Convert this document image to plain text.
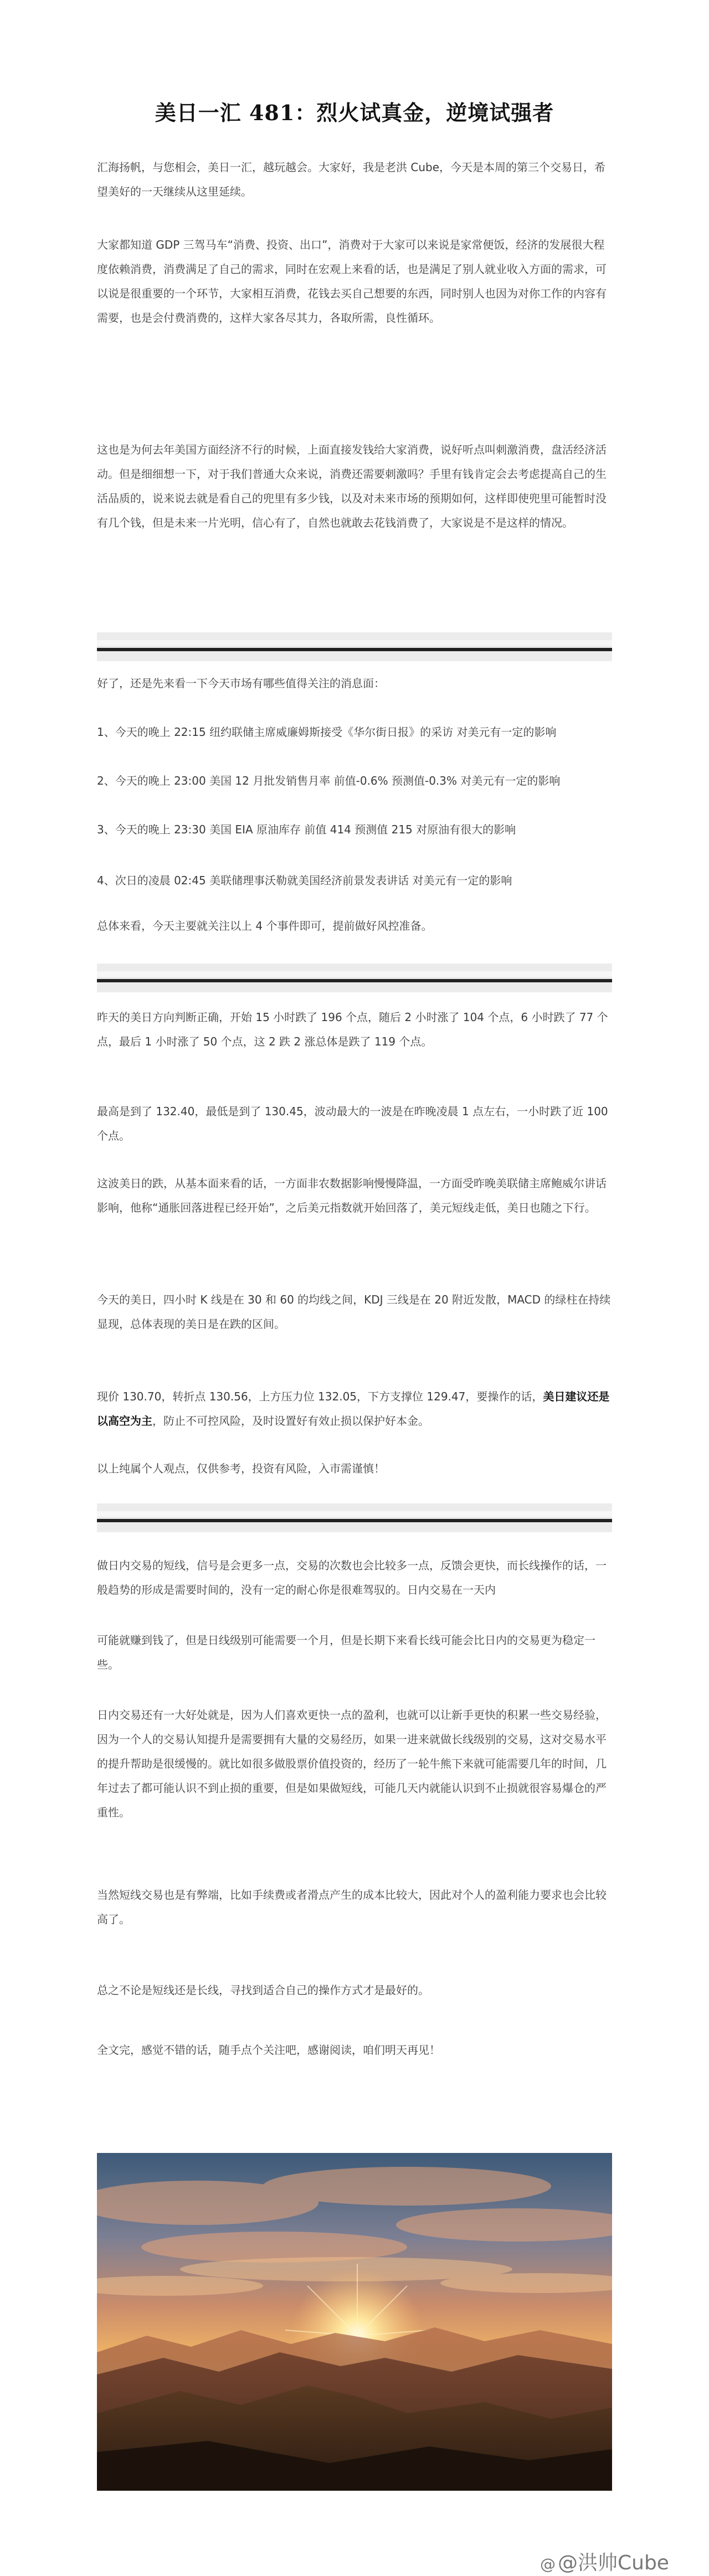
美日一汇 481：烈火试真金，逆境试强者

汇海扬帆，与您相会，美日一汇，越玩越会。大家好，我是老洪 Cube，今天是本周的第三个交易日，希望美好的一天继续从这里延续。

大家都知道 GDP 三驾马车“消费、投资、出口”，消费对于大家可以来说是家常便饭，经济的发展很大程度依赖消费，消费满足了自己的需求，同时在宏观上来看的话，也是满足了别人就业收入方面的需求，可以说是很重要的一个环节，大家相互消费，花钱去买自己想要的东西，同时别人也因为对你工作的内容有需要，也是会付费消费的，这样大家各尽其力，各取所需，良性循环。

这也是为何去年美国方面经济不行的时候，上面直接发钱给大家消费，说好听点叫刺激消费，盘活经济活动。但是细细想一下，对于我们普通大众来说，消费还需要刺激吗？手里有钱肯定会去考虑提高自己的生活品质的，说来说去就是看自己的兜里有多少钱，以及对未来市场的预期如何，这样即使兜里可能暂时没有几个钱，但是未来一片光明，信心有了，自然也就敢去花钱消费了，大家说是不是这样的情况。

好了，还是先来看一下今天市场有哪些值得关注的消息面：

1、今天的晚上 22:15 纽约联储主席威廉姆斯接受《华尔街日报》的采访 对美元有一定的影响

2、今天的晚上 23:00 美国 12 月批发销售月率 前值-0.6% 预测值-0.3% 对美元有一定的影响

3、今天的晚上 23:30 美国 EIA 原油库存 前值 414 预测值 215 对原油有很大的影响

4、次日的凌晨 02:45 美联储理事沃勒就美国经济前景发表讲话 对美元有一定的影响

总体来看，今天主要就关注以上 4 个事件即可，提前做好风控准备。

昨天的美日方向判断正确，开始 15 小时跌了 196 个点，随后 2 小时涨了 104 个点，6 小时跌了 77 个点，最后 1 小时涨了 50 个点，这 2 跌 2 涨总体是跌了 119 个点。

最高是到了 132.40，最低是到了 130.45，波动最大的一波是在昨晚凌晨 1 点左右，一小时跌了近 100 个点。

这波美日的跌，从基本面来看的话，一方面非农数据影响慢慢降温，一方面受昨晚美联储主席鲍威尔讲话影响，他称“通胀回落进程已经开始”，之后美元指数就开始回落了，美元短线走低，美日也随之下行。

今天的美日，四小时 K 线是在 30 和 60 的均线之间，KDJ 三线是在 20 附近发散，MACD 的绿柱在持续显现，总体表现的美日是在跌的区间。

现价 130.70，转折点 130.56，上方压力位 132.05，下方支撑位 129.47，要操作的话，美日建议还是以高空为主，防止不可控风险，及时设置好有效止损以保护好本金。

以上纯属个人观点，仅供参考，投资有风险，入市需谨慎！

做日内交易的短线，信号是会更多一点，交易的次数也会比较多一点，反馈会更快，而长线操作的话，一般趋势的形成是需要时间的，没有一定的耐心你是很难驾驭的。日内交易在一天内

可能就赚到钱了，但是日线级别可能需要一个月，但是长期下来看长线可能会比日内的交易更为稳定一些。

日内交易还有一大好处就是，因为人们喜欢更快一点的盈利，也就可以让新手更快的积累一些交易经验，因为一个人的交易认知提升是需要拥有大量的交易经历，如果一进来就做长线级别的交易，这对交易水平的提升帮助是很缓慢的。就比如很多做股票价值投资的，经历了一轮牛熊下来就可能需要几年的时间，几年过去了都可能认识不到止损的重要，但是如果做短线，可能几天内就能认识到不止损就很容易爆仓的严重性。

当然短线交易也是有弊端，比如手续费或者滑点产生的成本比较大，因此对个人的盈利能力要求也会比较高了。

总之不论是短线还是长线，寻找到适合自己的操作方式才是最好的。

全文完，感觉不错的话，随手点个关注吧，感谢阅读，咱们明天再见！

@ @洪帅Cube
